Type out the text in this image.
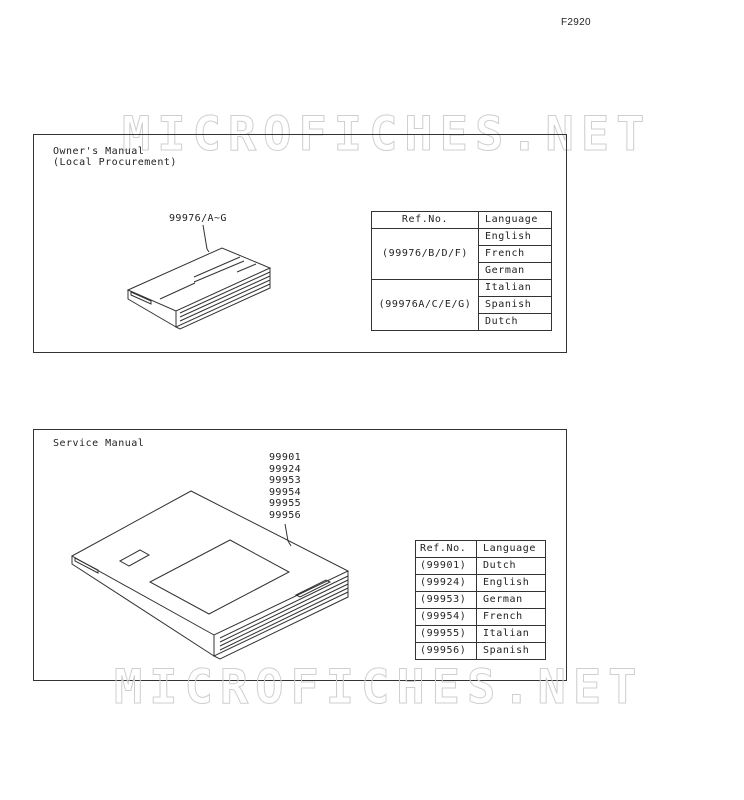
F2920
MICROFICHES.NET
Owner's Manual
(Local Procurement)
99976/A~G	Ref.No.	Language
(99976/B/D/F)	English
	French
	German
(99976A/C/E/G)	Italian
	Spanish
	Dutch
Service Manual
99901
99924
99953
99954
99955
99956
Ref.No.	Language
(99901)	Dutch
(99924)	English
(99953)	German
(99954)	French
(99955)	Italian
(99956)	Spanish
MICROFICHES.NET
